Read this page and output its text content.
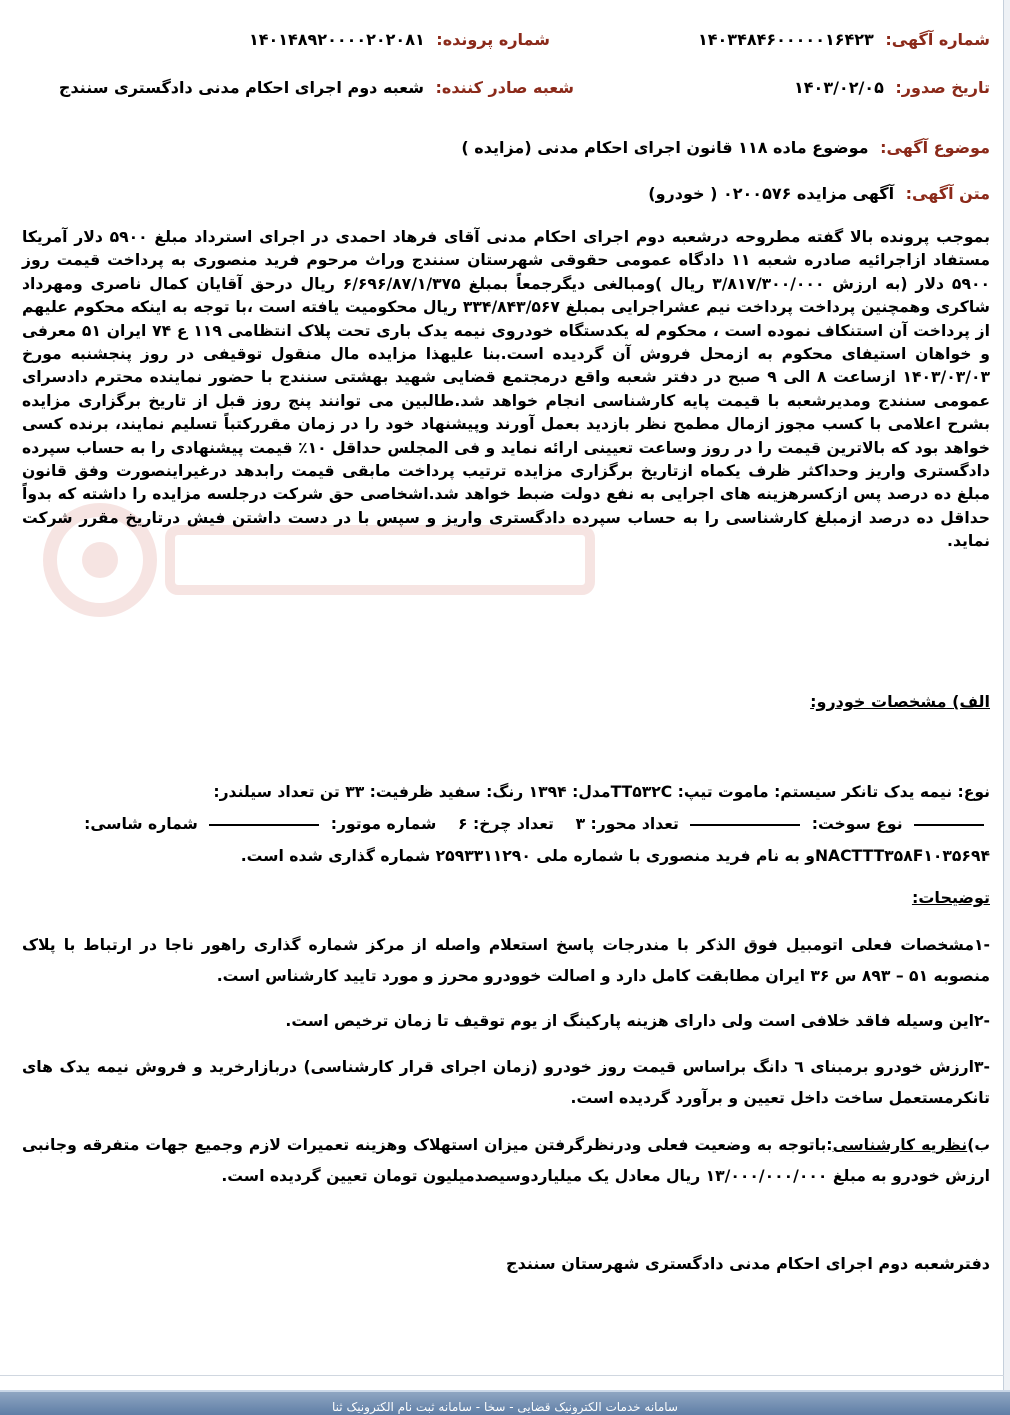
شماره آگهی: ۱۴۰۳۴۸۴۶۰۰۰۰۰۱۶۴۲۳
شماره پرونده: ۱۴۰۱۴۸۹۲۰۰۰۰۲۰۲۰۸۱
تاریخ صدور: ۱۴۰۳/۰۲/۰۵
شعبه صادر کننده: شعبه دوم اجرای احکام مدنی دادگستری سنندج
موضوع آگهی: موضوع ماده ۱۱۸ قانون اجرای احکام مدنی (مزایده )
متن آگهی: آگهی مزایده ۰۲۰۰۵۷۶ ( خودرو)
بموجب پرونده بالا گفته مطروحه درشعبه دوم اجرای احکام مدنی آقای فرهاد احمدی در اجرای استرداد مبلغ ۵۹۰۰ دلار آمریکا مستفاد ازاجرائیه صادره شعبه ۱۱ دادگاه عمومی حقوقی شهرستان سنندج وراث مرحوم فرید منصوری به پرداخت قیمت روز ۵۹۰۰ دلار (به ارزش ۳/۸۱۷/۳۰۰/۰۰۰ ریال )ومبالغی دیگرجمعاً بمبلغ ۶/۶۹۶/۸۷/۱/۳۷۵ ریال درحق آقایان کمال ناصری ومهرداد شاکری وهمچنین پرداخت پرداخت نیم عشراجرایی بمبلغ ۳۳۴/۸۴۳/۵۶۷ ریال محکومیت یافته است ،با توجه به اینکه محکوم علیهم از پرداخت آن استنکاف نموده است ، محکوم له یکدستگاه خودروی نیمه یدک باری تحت پلاک انتظامی ۱۱۹ ع ۷۴ ایران ۵۱ معرفی و خواهان استیفای محکوم به ازمحل فروش آن گردیده است.بنا علیهذا مزایده مال منقول توقیفی در روز پنجشنبه مورخ ۱۴۰۳/۰۳/۰۳ ازساعت ۸ الی ۹ صبح در دفتر شعبه واقع درمجتمع قضایی شهید بهشتی سنندج با حضور نماینده محترم دادسرای عمومی سنندج ومدیرشعبه با قیمت پایه کارشناسی انجام خواهد شد.طالبین می توانند پنج روز قبل از تاریخ برگزاری مزایده بشرح اعلامی با کسب مجوز ازمال مطمح نظر بازدید بعمل آورند وپیشنهاد خود را در زمان مقررکتباً تسلیم نمایند، برنده کسی خواهد بود که بالاترین قیمت را در روز وساعت تعیینی ارائه نماید و فی المجلس حداقل ۱۰٪ قیمت پیشنهادی را به حساب سپرده دادگستری واریز وحداکثر ظرف یکماه ازتاریخ برگزاری مزایده ترتیب پرداخت مابقی قیمت رابدهد درغیراینصورت وفق قانون مبلغ ده درصد پس ازکسرهزینه های اجرایی به نفع دولت ضبط خواهد شد.اشخاصی حق شرکت درجلسه مزایده را داشته که بدواً حداقل ده درصد ازمبلغ کارشناسی را به حساب سپرده دادگستری واریز و سپس با در دست داشتن فیش درتاریخ مقرر شرکت نماید.
الف) مشخصات خودرو:
نوع: نیمه یدک تانکر سیستم: ماموت تیپ: TT۵۳۲Cمدل: ۱۳۹۴ رنگ: سفید ظرفیت: ۳۳ تن تعداد سیلندر:
نوع سوخت:  تعداد محور: ۳    تعداد چرخ: ۶    شماره موتور:  شماره شاسی:
NACTTT۳۵۸F۱۰۳۵۶۹۴و به نام فرید منصوری با شماره ملی ۲۵۹۳۳۱۱۲۹۰ شماره گذاری شده است.
توضیحات:
-۱مشخصات فعلی اتومبیل فوق الذکر با مندرجات پاسخ استعلام واصله از مرکز شماره گذاری راهور ناجا در ارتباط با پلاک منصوبه ۵۱ – ۸۹۳ س ۳۶ ایران مطابقت کامل دارد و اصالت خوودرو محرز و مورد تایید کارشناس است.
-۲این وسیله فاقد خلافی است ولی دارای هزینه پارکینگ از یوم توقیف تا زمان ترخیص است.
-۳ارزش خودرو برمبنای ٦ دانگ براساس قیمت روز خودرو (زمان اجرای قرار کارشناسی) دربازارخرید و فروش نیمه یدک های تانکرمستعمل ساخت داخل تعیین و برآورد گردیده است.
ب)نظریه کارشناسی:باتوجه به وضعیت فعلی ودرنظرگرفتن میزان استهلاک وهزینه تعمیرات لازم وجمیع جهات متفرقه وجانبی ارزش خودرو به مبلغ ۱۳/۰۰۰/۰۰۰/۰۰۰ ریال معادل یک میلیاردوسیصدمیلیون تومان تعیین گردیده است.
دفترشعبه دوم اجرای احکام مدنی دادگستری شهرستان سنندج
سامانه خدمات الکترونیک قضایی - سخا - سامانه ثبت نام الکترونیک ثنا
